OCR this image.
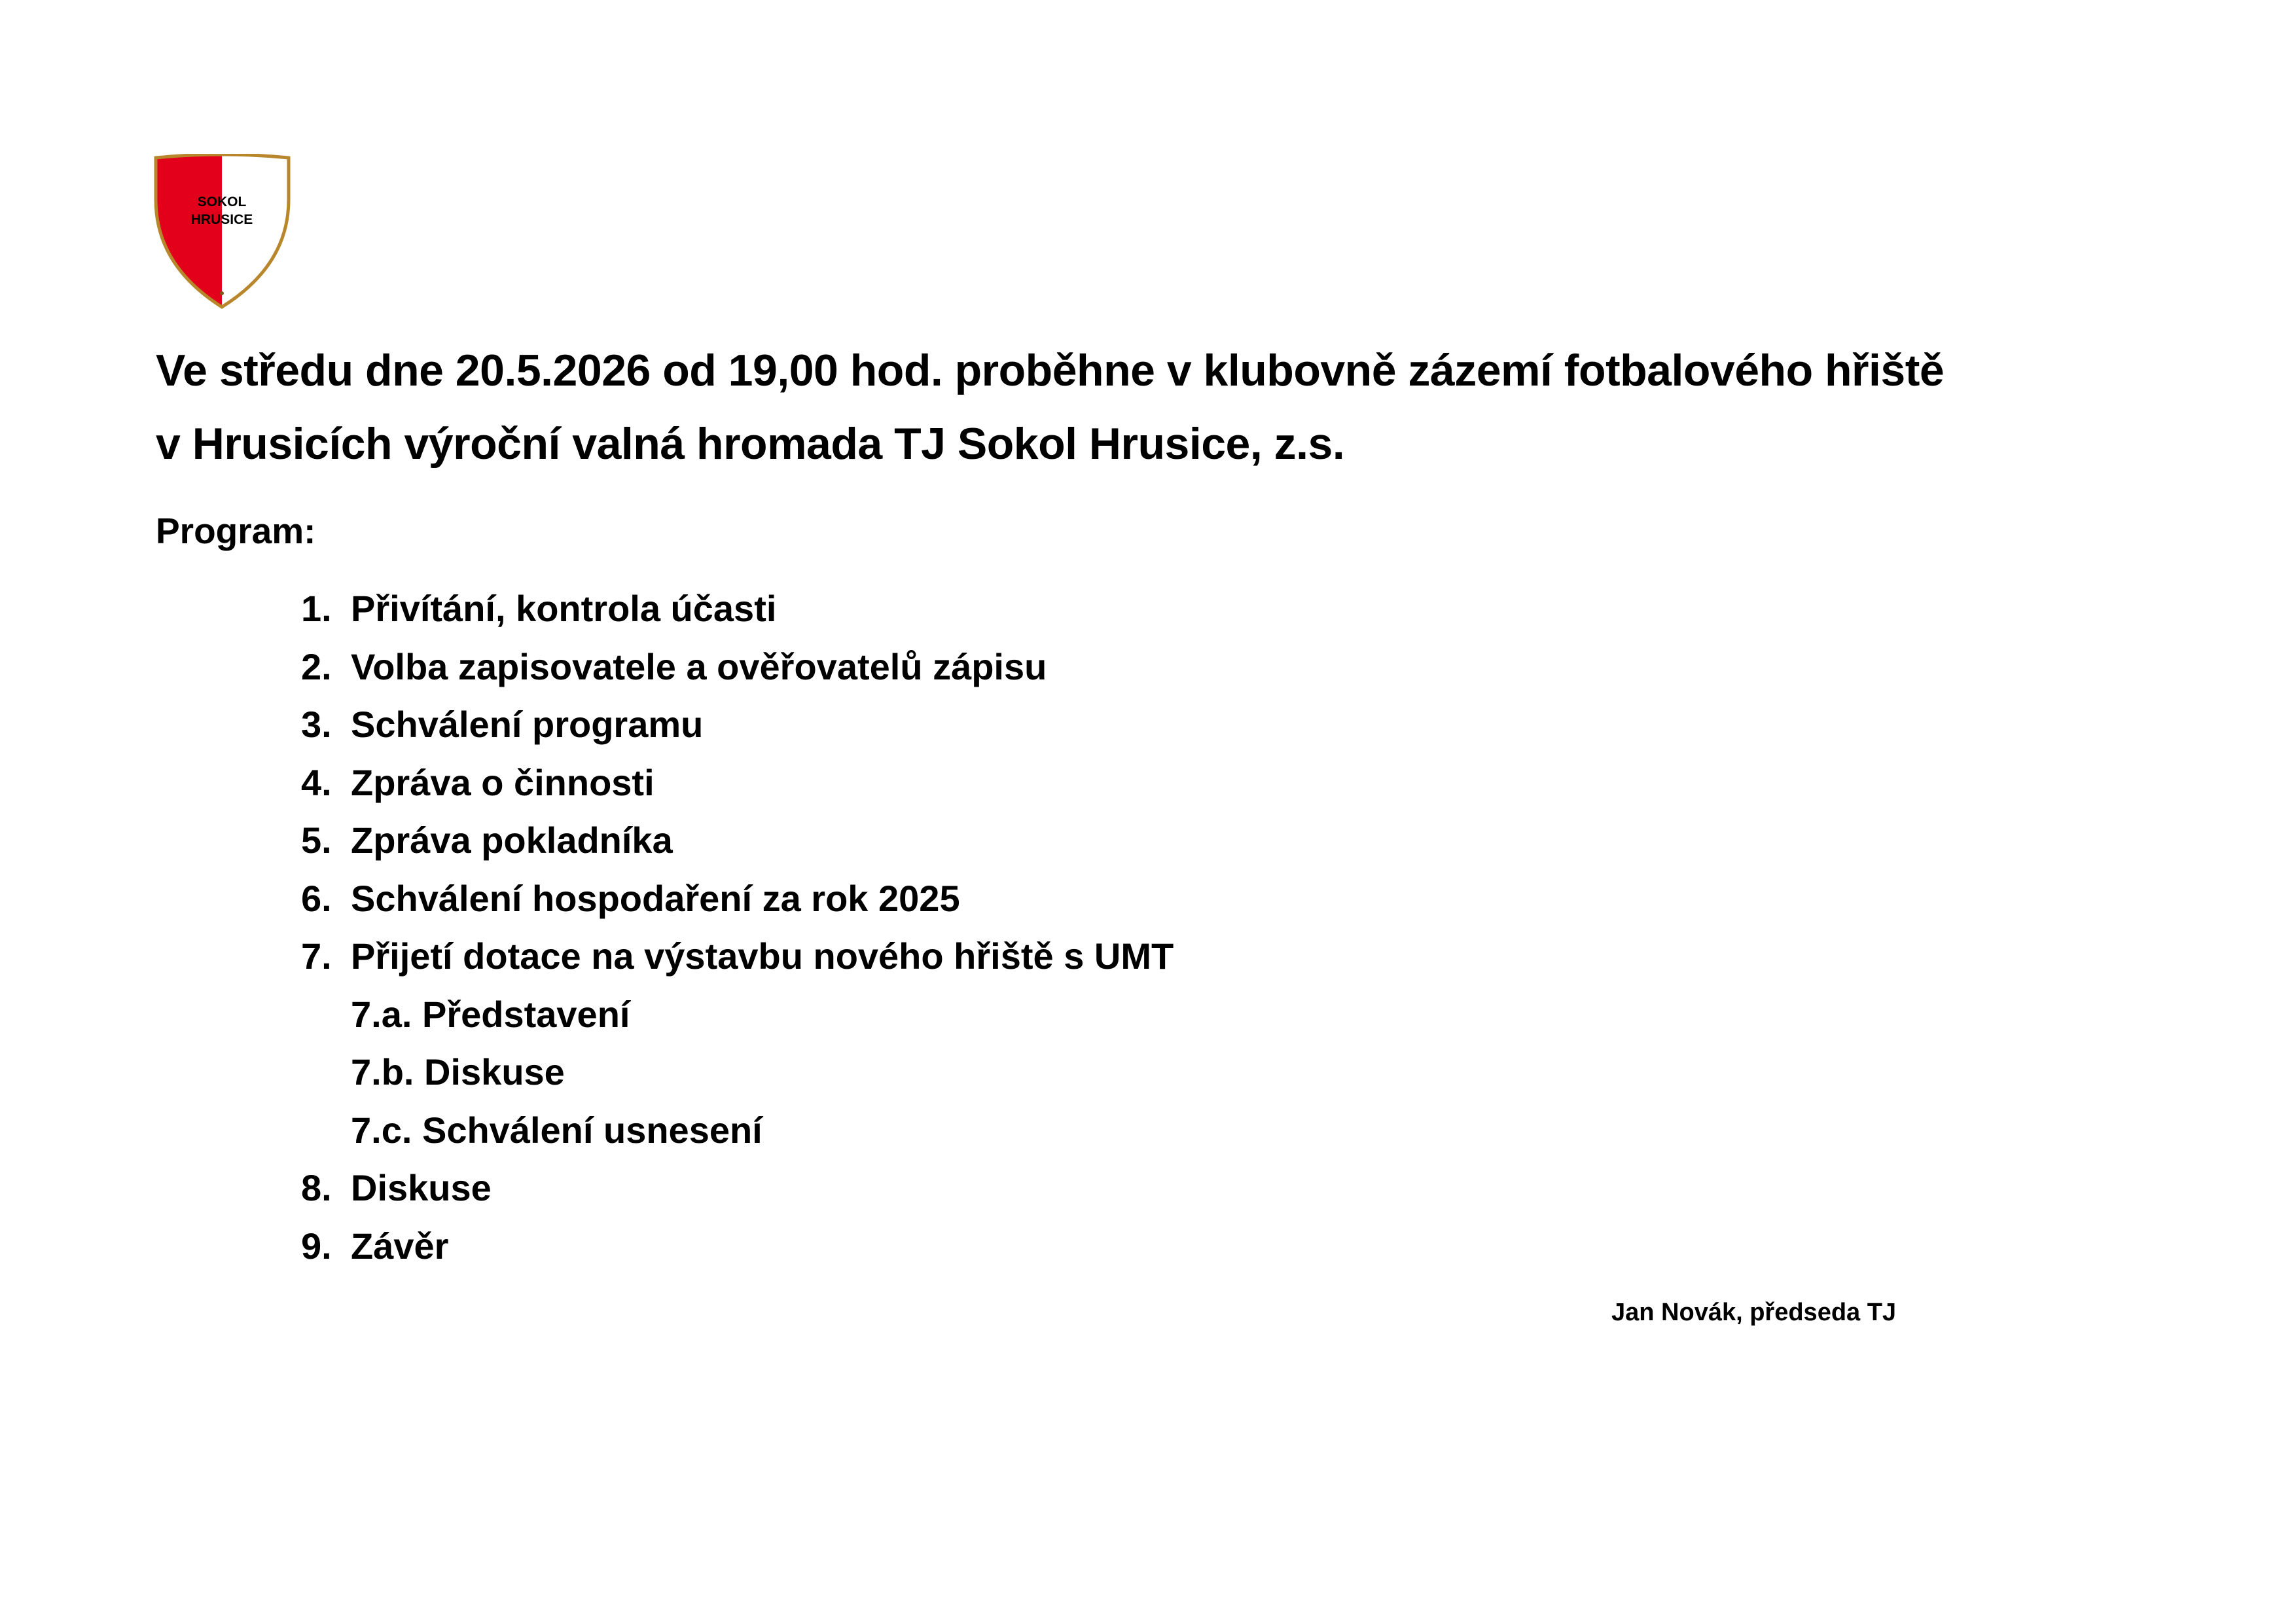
SOKOL
HRUSICE
Ve středu dne 20.5.2026 od 19,00 hod. proběhne v klubovně zázemí fotbalového hřiště
v Hrusicích výroční valná hromada TJ Sokol Hrusice, z.s.
Program:
1. Přivítání, kontrola účasti
2. Volba zapisovatele a ověřovatelů zápisu
3. Schválení programu
4. Zpráva o činnosti
5. Zpráva pokladníka
6. Schválení hospodaření za rok 2025
7. Přijetí dotace na výstavbu nového hřiště s UMT
7.a. Představení
7.b. Diskuse
7.c. Schválení usnesení
8. Diskuse
9. Závěr
Jan Novák, předseda TJ
